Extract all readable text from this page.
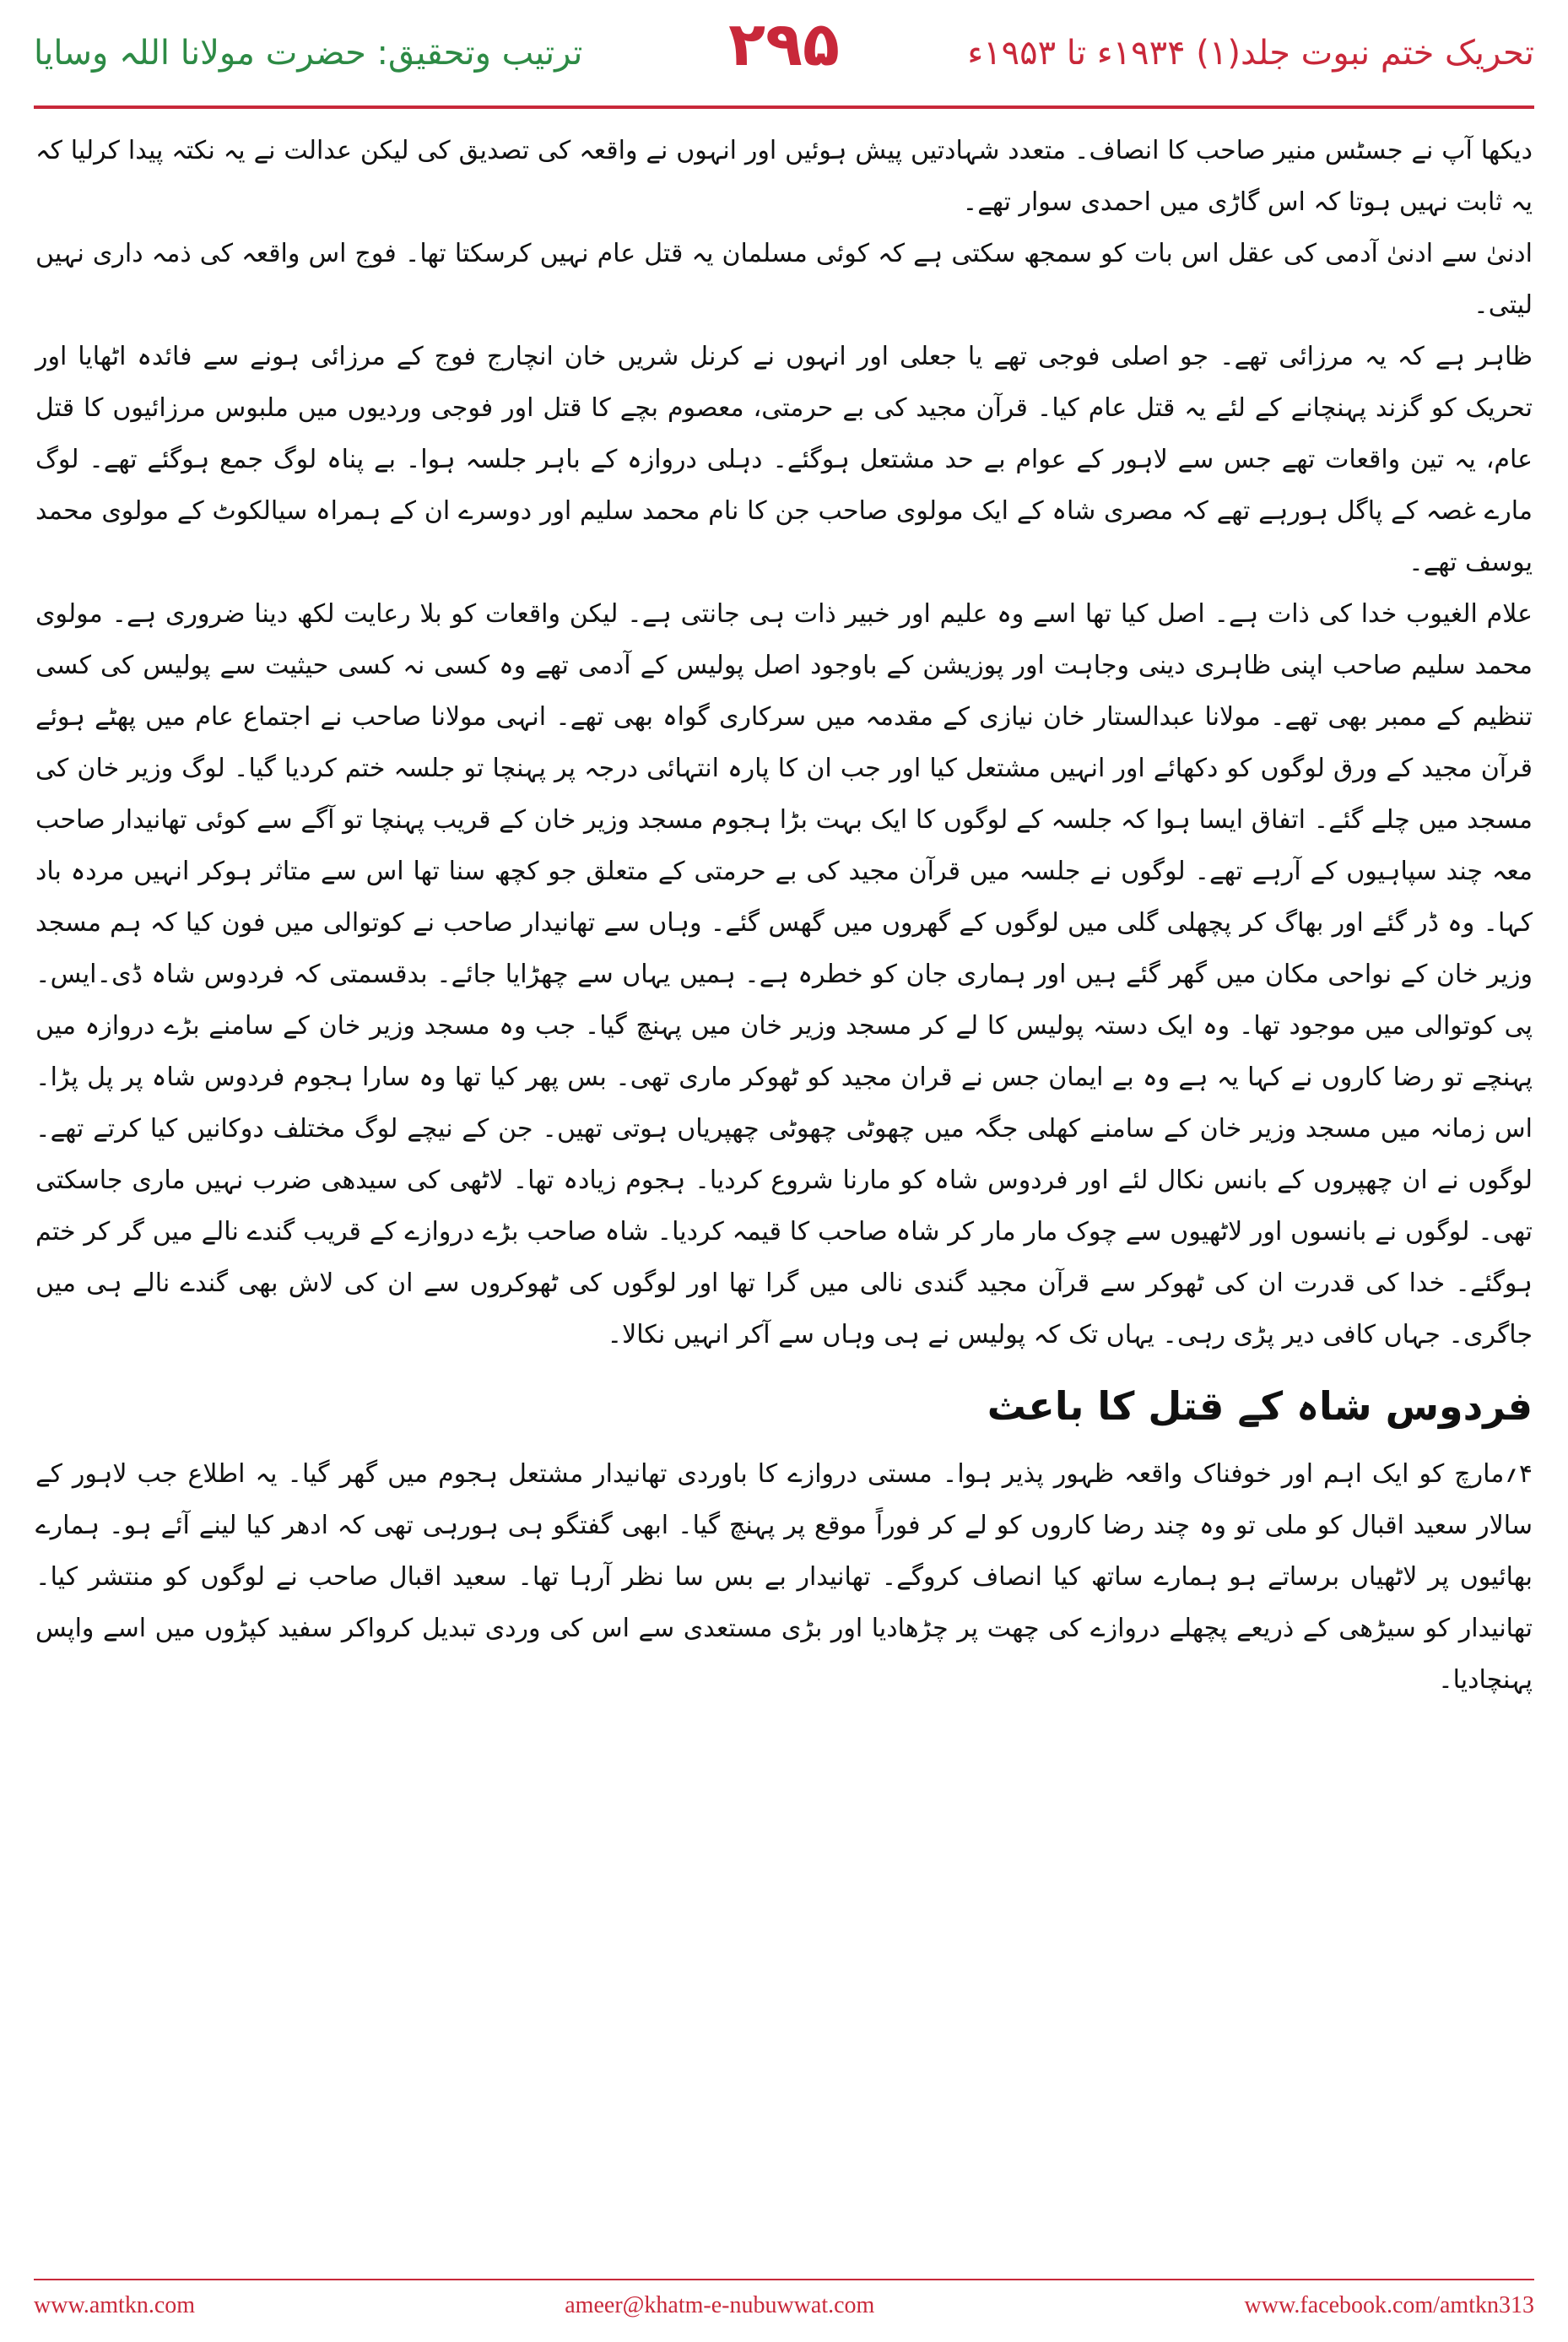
تحریک ختم نبوت جلد(۱) ۱۹۳۴ء تا ۱۹۵۳ء
۲۹۵
ترتیب وتحقیق: حضرت مولانا اللہ وسایا

دیکھا آپ نے جسٹس منیر صاحب کا انصاف۔ متعدد شہادتیں پیش ہوئیں اور انہوں نے واقعہ کی تصدیق کی لیکن عدالت نے یہ نکتہ پیدا کرلیا کہ یہ ثابت نہیں ہوتا کہ اس گاڑی میں احمدی سوار تھے۔

ادنیٰ سے ادنیٰ آدمی کی عقل اس بات کو سمجھ سکتی ہے کہ کوئی مسلمان یہ قتل عام نہیں کرسکتا تھا۔ فوج اس واقعہ کی ذمہ داری نہیں لیتی۔

ظاہر ہے کہ یہ مرزائی تھے۔ جو اصلی فوجی تھے یا جعلی اور انہوں نے کرنل شریں خان انچارج فوج کے مرزائی ہونے سے فائدہ اٹھایا اور تحریک کو گزند پہنچانے کے لئے یہ قتل عام کیا۔ قرآن مجید کی بے حرمتی، معصوم بچے کا قتل اور فوجی وردیوں میں ملبوس مرزائیوں کا قتل عام، یہ تین واقعات تھے جس سے لاہور کے عوام بے حد مشتعل ہوگئے۔ دہلی دروازہ کے باہر جلسہ ہوا۔ بے پناہ لوگ جمع ہوگئے تھے۔ لوگ مارے غصہ کے پاگل ہورہے تھے کہ مصری شاہ کے ایک مولوی صاحب جن کا نام محمد سلیم اور دوسرے ان کے ہمراہ سیالکوٹ کے مولوی محمد یوسف تھے۔

علام الغیوب خدا کی ذات ہے۔ اصل کیا تھا اسے وہ علیم اور خبیر ذات ہی جانتی ہے۔ لیکن واقعات کو بلا رعایت لکھ دینا ضروری ہے۔ مولوی محمد سلیم صاحب اپنی ظاہری دینی وجاہت اور پوزیشن کے باوجود اصل پولیس کے آدمی تھے وہ کسی نہ کسی حیثیت سے پولیس کی کسی تنظیم کے ممبر بھی تھے۔ مولانا عبدالستار خان نیازی کے مقدمہ میں سرکاری گواہ بھی تھے۔ انہی مولانا صاحب نے اجتماع عام میں پھٹے ہوئے قرآن مجید کے ورق لوگوں کو دکھائے اور انہیں مشتعل کیا اور جب ان کا پارہ انتہائی درجہ پر پہنچا تو جلسہ ختم کردیا گیا۔ لوگ وزیر خان کی مسجد میں چلے گئے۔ اتفاق ایسا ہوا کہ جلسہ کے لوگوں کا ایک بہت بڑا ہجوم مسجد وزیر خان کے قریب پہنچا تو آگے سے کوئی تھانیدار صاحب معہ چند سپاہیوں کے آرہے تھے۔ لوگوں نے جلسہ میں قرآن مجید کی بے حرمتی کے متعلق جو کچھ سنا تھا اس سے متاثر ہوکر انہیں مردہ باد کہا۔ وہ ڈر گئے اور بھاگ کر پچھلی گلی میں لوگوں کے گھروں میں گھس گئے۔ وہاں سے تھانیدار صاحب نے کوتوالی میں فون کیا کہ ہم مسجد وزیر خان کے نواحی مکان میں گھر گئے ہیں اور ہماری جان کو خطرہ ہے۔ ہمیں یہاں سے چھڑایا جائے۔ بدقسمتی کہ فردوس شاہ ڈی۔ایس۔پی کوتوالی میں موجود تھا۔ وہ ایک دستہ پولیس کا لے کر مسجد وزیر خان میں پہنچ گیا۔ جب وہ مسجد وزیر خان کے سامنے بڑے دروازہ میں پہنچے تو رضا کاروں نے کہا یہ ہے وہ بے ایمان جس نے قران مجید کو ٹھوکر ماری تھی۔ بس پھر کیا تھا وہ سارا ہجوم فردوس شاہ پر پل پڑا۔ اس زمانہ میں مسجد وزیر خان کے سامنے کھلی جگہ میں چھوٹی چھوٹی چھپریاں ہوتی تھیں۔ جن کے نیچے لوگ مختلف دوکانیں کیا کرتے تھے۔ لوگوں نے ان چھپروں کے بانس نکال لئے اور فردوس شاہ کو مارنا شروع کردیا۔ ہجوم زیادہ تھا۔ لاٹھی کی سیدھی ضرب نہیں ماری جاسکتی تھی۔ لوگوں نے بانسوں اور لاٹھیوں سے چوک مار مار کر شاہ صاحب کا قیمہ کردیا۔ شاہ صاحب بڑے دروازے کے قریب گندے نالے میں گر کر ختم ہوگئے۔ خدا کی قدرت ان کی ٹھوکر سے قرآن مجید گندی نالی میں گرا تھا اور لوگوں کی ٹھوکروں سے ان کی لاش بھی گندے نالے ہی میں جاگری۔ جہاں کافی دیر پڑی رہی۔ یہاں تک کہ پولیس نے ہی وہاں سے آکر انہیں نکالا۔

فردوس شاہ کے قتل کا باعث

۴؍مارچ کو ایک اہم اور خوفناک واقعہ ظہور پذیر ہوا۔ مستی دروازے کا باوردی تھانیدار مشتعل ہجوم میں گھر گیا۔ یہ اطلاع جب لاہور کے سالار سعید اقبال کو ملی تو وہ چند رضا کاروں کو لے کر فوراً موقع پر پہنچ گیا۔ ابھی گفتگو ہی ہورہی تھی کہ ادھر کیا لینے آئے ہو۔ ہمارے بھائیوں پر لاٹھیاں برساتے ہو ہمارے ساتھ کیا انصاف کروگے۔ تھانیدار بے بس سا نظر آرہا تھا۔ سعید اقبال صاحب نے لوگوں کو منتشر کیا۔ تھانیدار کو سیڑھی کے ذریعے پچھلے دروازے کی چھت پر چڑھادیا اور بڑی مستعدی سے اس کی وردی تبدیل کرواکر سفید کپڑوں میں اسے واپس پہنچادیا۔

www.amtkn.com	ameer@khatm-e-nubuwwat.com	www.facebook.com/amtkn313
